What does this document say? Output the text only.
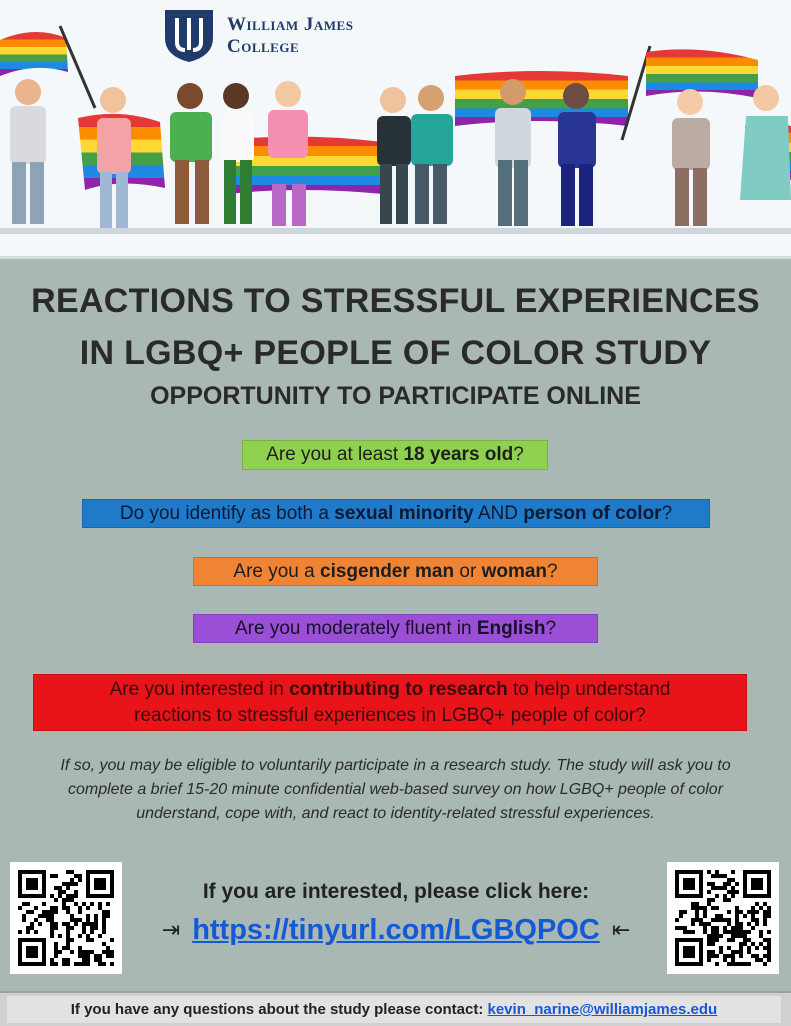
William James
College
REACTIONS TO STRESSFUL EXPERIENCES
IN LGBQ+ PEOPLE OF COLOR STUDY
OPPORTUNITY TO PARTICIPATE ONLINE
Are you at least 18 years old?
Do you identify as both a sexual minority AND person of color?
Are you a cisgender man or woman?
Are you moderately fluent in English?
Are you interested in contributing to research to help understand
reactions to stressful experiences in LGBQ+ people of color?
If so, you may be eligible to voluntarily participate in a research study. The study will ask you to complete a brief 15-20 minute confidential web-based survey on how LGBQ+ people of color understand, cope with, and react to identity-related stressful experiences.
If you are interested, please click here:
⇥ https://tinyurl.com/LGBQPOC ⇤
If you have any questions about the study please contact: kevin_narine@williamjames.edu
